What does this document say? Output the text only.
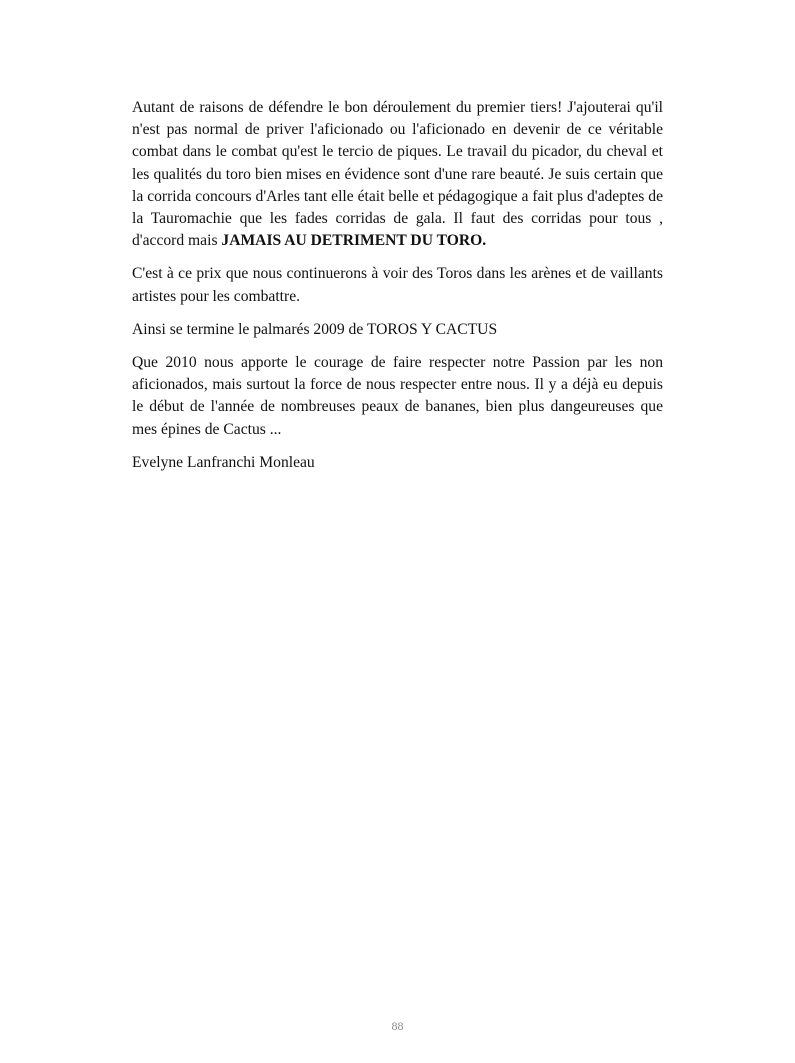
Autant de raisons de défendre le bon déroulement du premier tiers! J'ajouterai qu'il n'est pas normal de priver l'aficionado ou l'aficionado en devenir de ce véritable combat dans le combat qu'est le tercio de piques. Le travail du picador, du cheval et les qualités du toro bien mises en évidence sont d'une rare beauté. Je suis certain que la corrida concours d'Arles tant elle était belle et pédagogique a fait plus d'adeptes de la Tauromachie que les fades corridas de gala. Il faut des corridas pour tous , d'accord mais JAMAIS AU DETRIMENT DU TORO.

C'est à ce prix que nous continuerons à voir des Toros dans les arènes et de vaillants artistes pour les combattre.

Ainsi se termine le palmarés 2009 de TOROS Y CACTUS

Que 2010 nous apporte le courage de faire respecter notre Passion par les non aficionados, mais surtout la force de nous respecter entre nous. Il y a déjà eu depuis le début de l'année de nombreuses peaux de bananes, bien plus dangeureuses que mes épines de Cactus ...

Evelyne Lanfranchi Monleau

88
